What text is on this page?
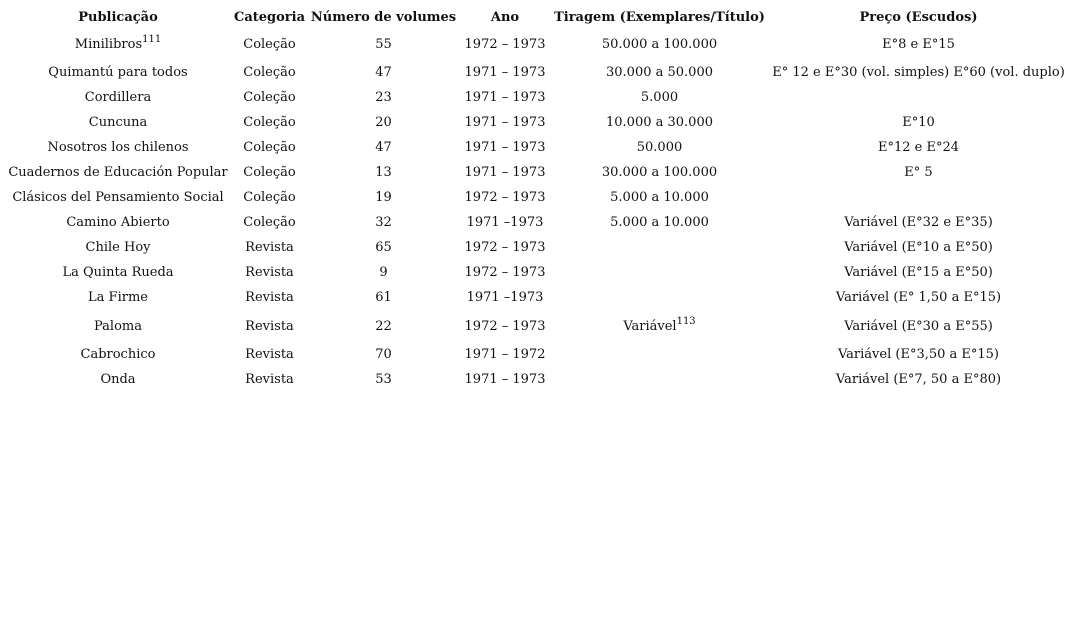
Publicação	Categoria	Número de volumes	Ano	Tiragem (Exemplares/Título)	Preço (Escudos)
Minilibros$^{111}$	Coleção	55	1972 – 1973	50.000 a 100.000	E°8 e E°15
Quimantú para todos	Coleção	47	1971 – 1973	30.000 a 50.000	E° 12 e E°30 (vol. simples) E°60 (vol. duplo)
Cordillera	Coleção	23	1971 – 1973	5.000	
Cuncuna	Coleção	20	1971 – 1973	10.000 a 30.000	E°10
Nosotros los chilenos	Coleção	47	1971 – 1973	50.000	E°12 e E°24
Cuadernos de Educación Popular	Coleção	13	1971 – 1973	30.000 a 100.000	E° 5
Clásicos del Pensamiento Social	Coleção	19	1972 – 1973	5.000 a 10.000	
Camino Abierto	Coleção	32	1971 –1973	5.000 a 10.000	Variável (E°32 e E°35)
Chile Hoy	Revista	65	1972 – 1973		Variável (E°10 a E°50)
La Quinta Rueda	Revista	9	1972 – 1973		Variável (E°15 a E°50)
La Firme	Revista	61	1971 –1973		Variável (E° 1,50 a E°15)
Paloma	Revista	22	1972 – 1973	Variável$^{113}$	Variável (E°30 a E°55)
Cabrochico	Revista	70	1971 – 1972		Variável (E°3,50 a E°15)
Onda	Revista	53	1971 – 1973		Variável (E°7, 50 a E°80)
